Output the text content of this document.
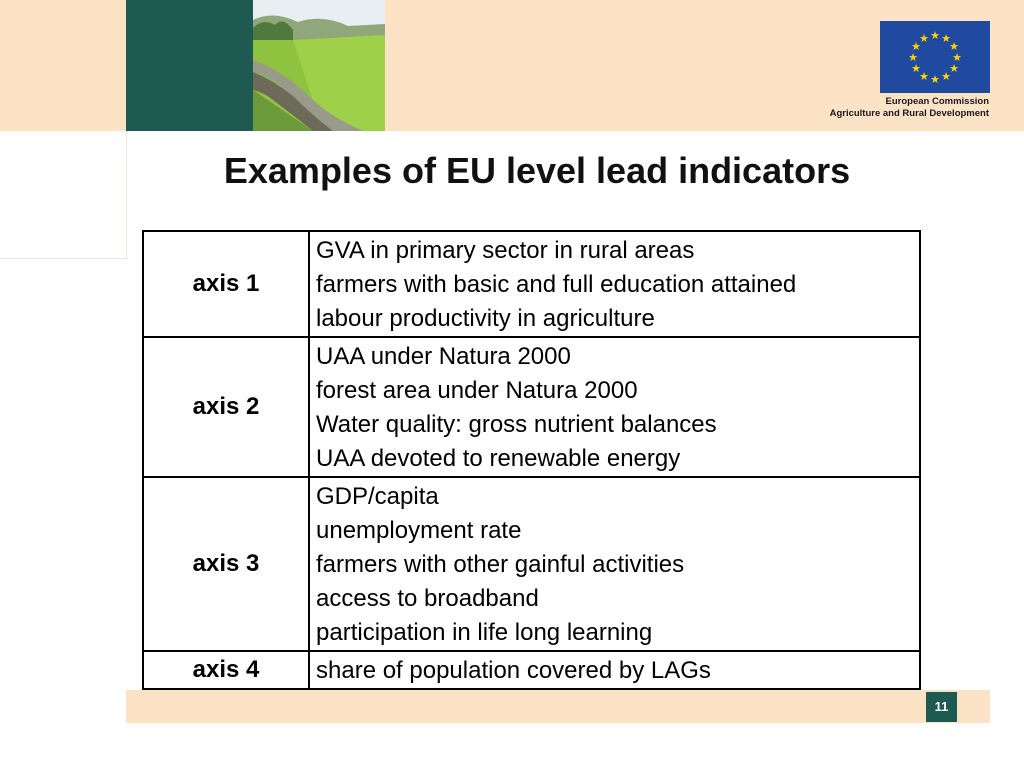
★ ★
★
★
★
★
★
★
★
★
★
★
European Commission
Agriculture and Rural Development
Examples of EU level lead indicators
axis 1	GVA in primary sector in rural areas
farmers with basic and full education attained
labour productivity in agriculture

axis 2	UAA under Natura 2000
forest area under Natura 2000
Water quality: gross nutrient balances
UAA devoted to renewable energy

axis 3	GDP/capita
unemployment rate
farmers with other gainful activities
access to broadband
participation in life long learning

axis 4	share of population covered by LAGs
11
